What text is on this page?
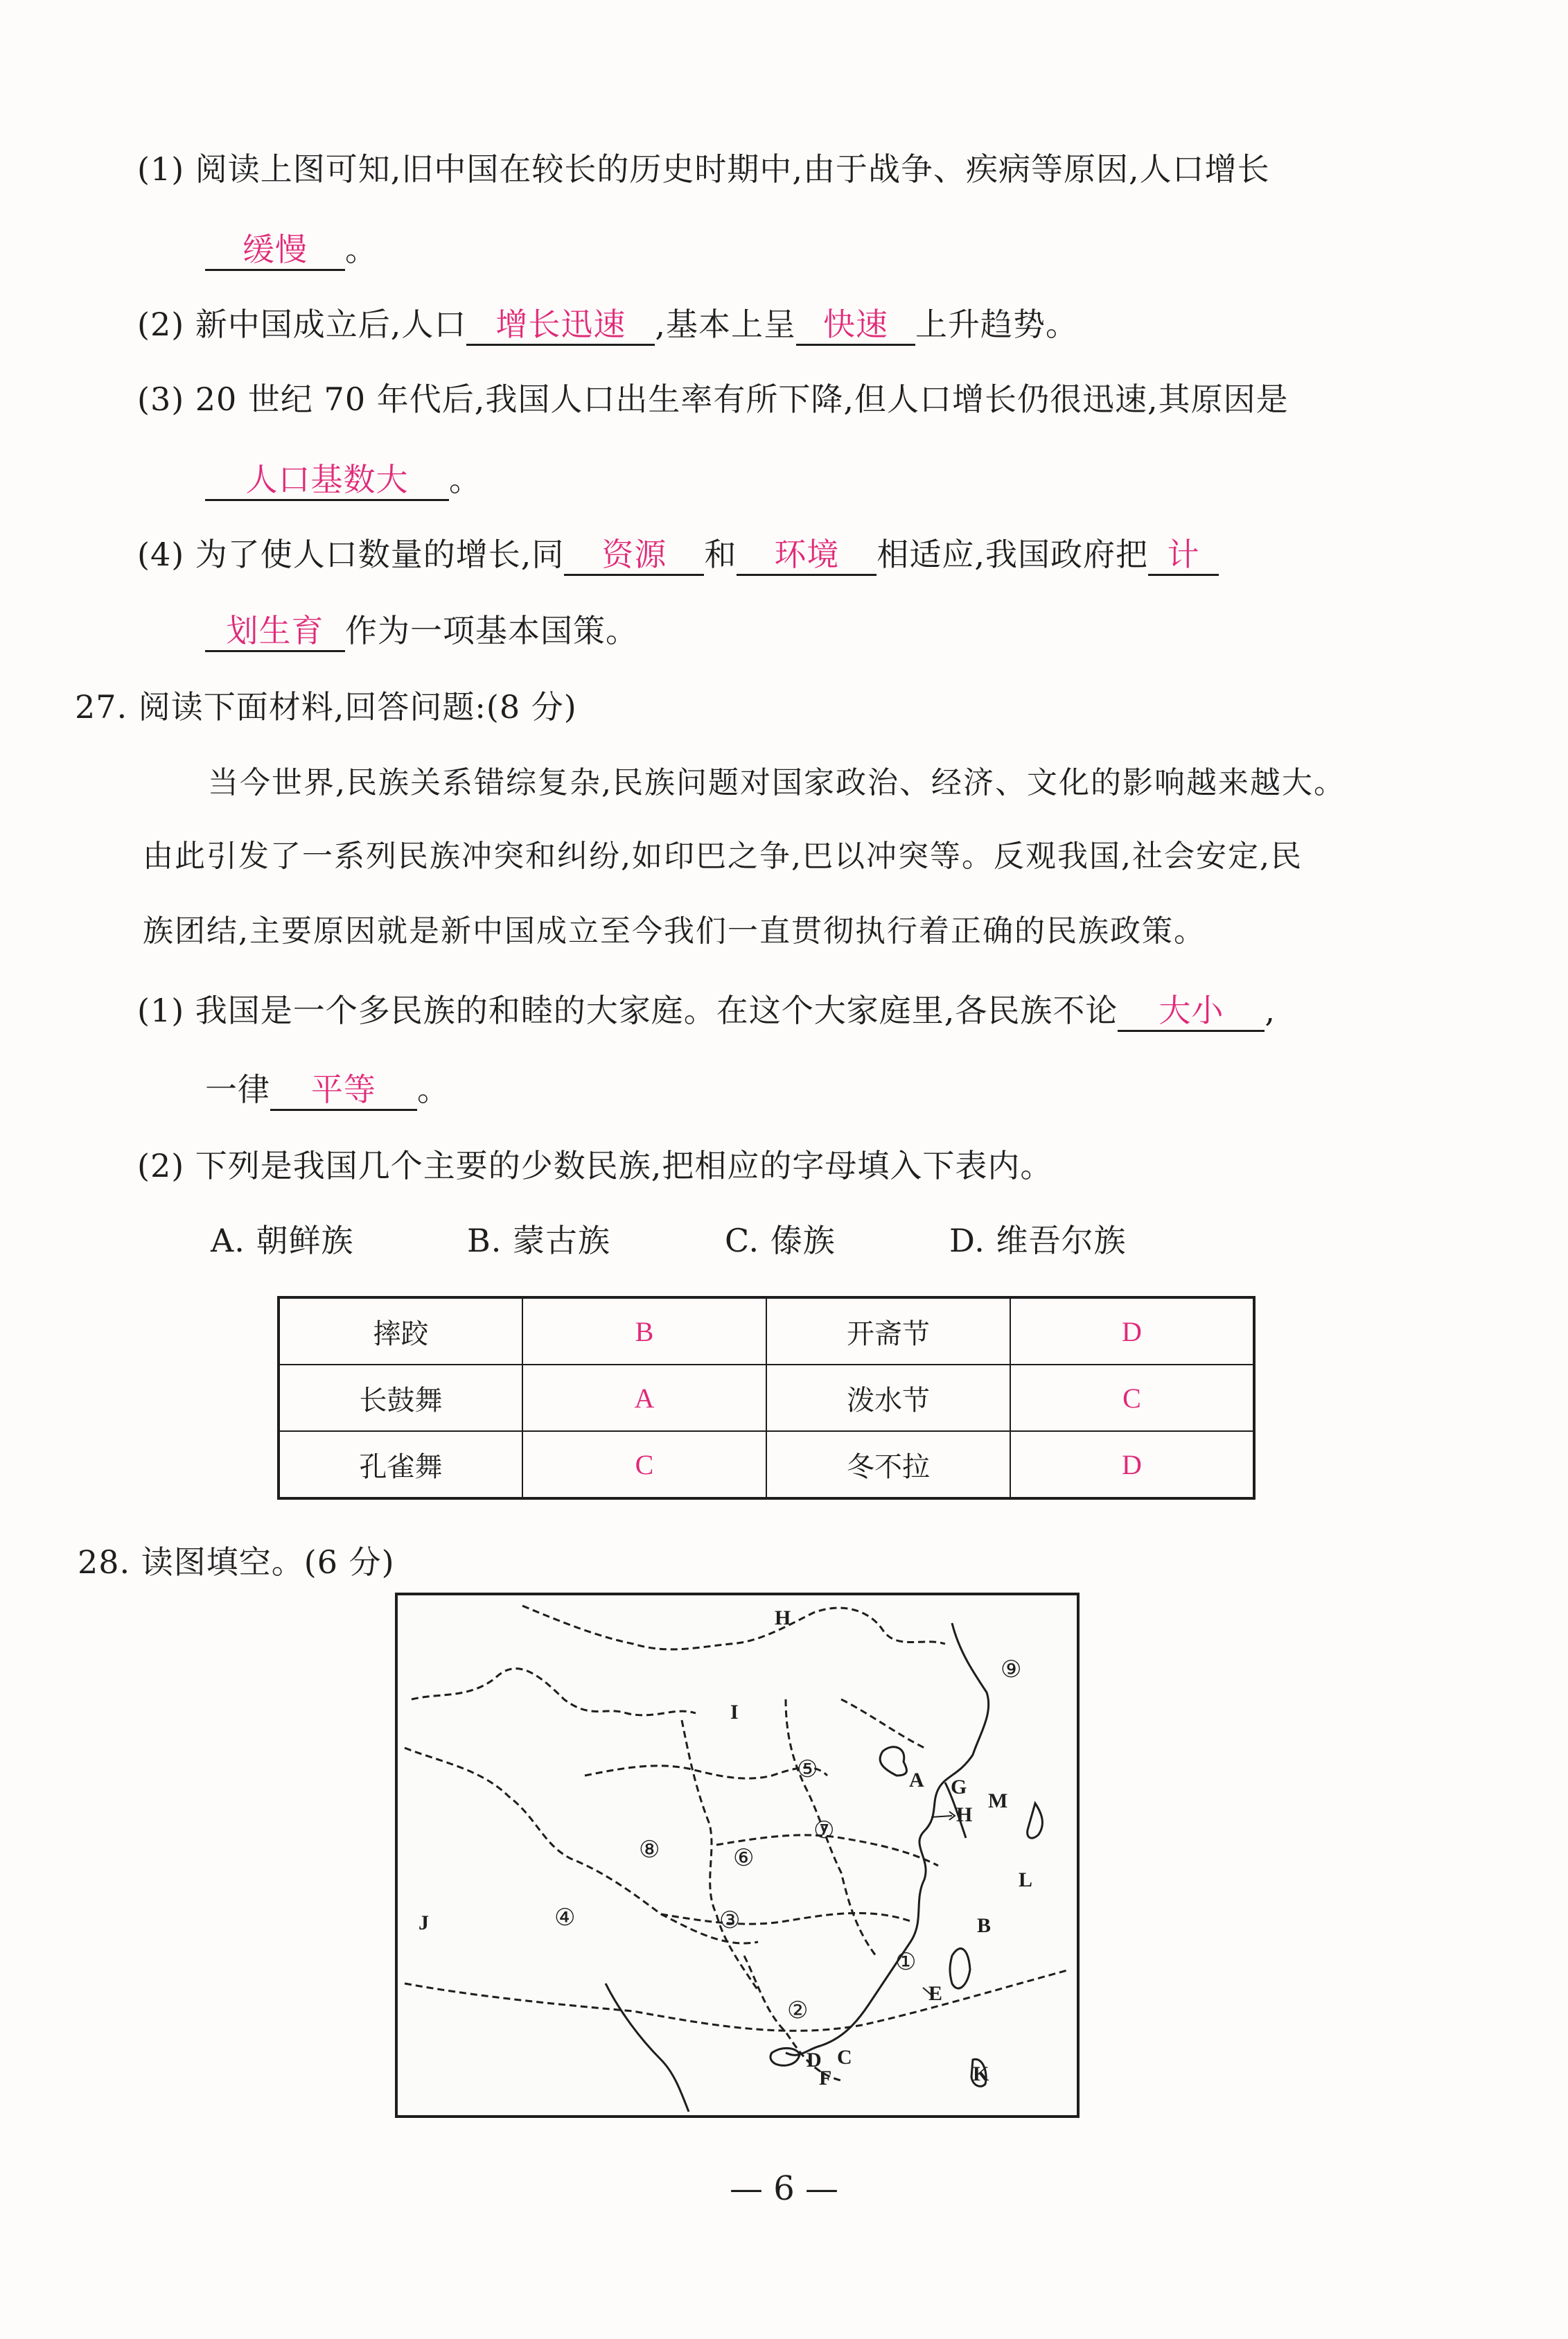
(1) 阅读上图可知,旧中国在较长的历史时期中,由于战争、疾病等原因,人口增长
缓慢 。
(2) 新中国成立后,人口 增长迅速 ,基本上呈 快速 上升趋势。
(3) 20 世纪 70 年代后,我国人口出生率有所下降,但人口增长仍很迅速,其原因是
人口基数大 。
(4) 为了使人口数量的增长,同 资源 和 环境 相适应,我国政府把 计
划生育 作为一项基本国策。
27. 阅读下面材料,回答问题:(8 分)
当今世界,民族关系错综复杂,民族问题对国家政治、经济、文化的影响越来越大。
由此引发了一系列民族冲突和纠纷,如印巴之争,巴以冲突等。反观我国,社会安定,民
族团结,主要原因就是新中国成立至今我们一直贯彻执行着正确的民族政策。
(1) 我国是一个多民族的和睦的大家庭。在这个大家庭里,各民族不论 大小 ,
一律 平等 。
(2) 下列是我国几个主要的少数民族,把相应的字母填入下表内。
A. 朝鲜族	B. 蒙古族	C. 傣族	D. 维吾尔族
摔跤	B	开斋节	D
长鼓舞	A	泼水节	C
孔雀舞	C	冬不拉	D
28. 读图填空。(6 分)
H
I
J
A G
H
M
L
B
E
D C
F	K
①
②
③
④
⑤
⑥
⑦
⑧
⑨
— 6 —
